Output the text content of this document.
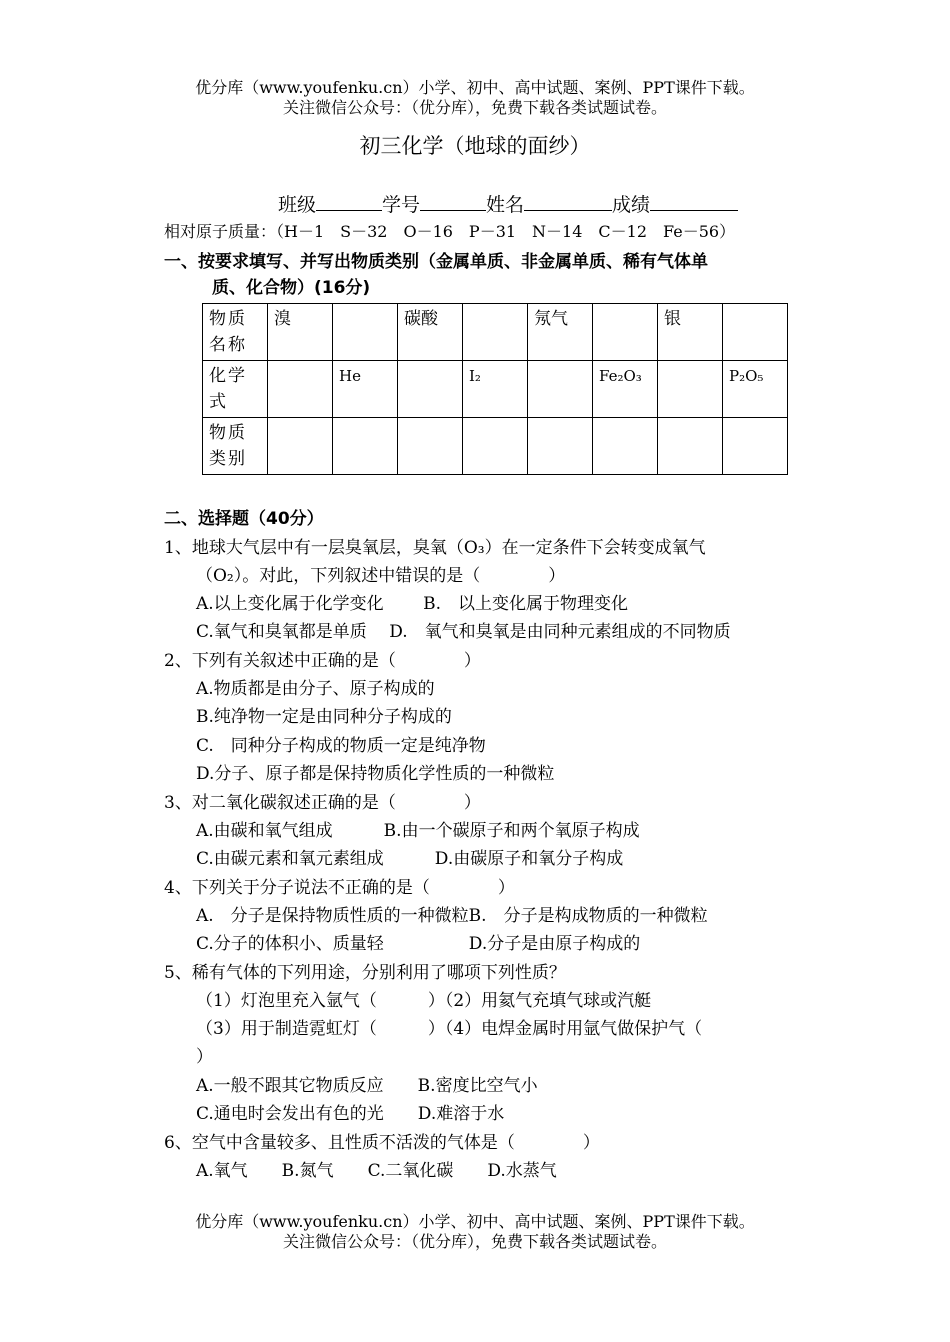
优分库（www.youfenku.cn）小学、初中、高中试题、案例、PPT课件下载。
关注微信公众号：（优分库），免费下载各类试题试卷。
初三化学（地球的面纱）
班级	学号	姓名	成绩
相对原子质量：（H－1　S－32　O－16　P－31　N－14　C－12　Fe－56）
一、按要求填写、并写出物质类别（金属单质、非金属单质、稀有气体单
质、化合物）(16分)
物质名称	溴		碳酸		氖气		银	
化学式		He		I₂		Fe₂O₃		P₂O₅
物质类别								
二、选择题（40分）
1、地球大气层中有一层臭氧层，臭氧（O₃）在一定条件下会转变成氧气
（O₂）。对此，下列叙述中错误的是（　　　　）
A.以上变化属于化学变化　　 B.　以上变化属于物理变化
C.氧气和臭氧都是单质　 D.　氧气和臭氧是由同种元素组成的不同物质
2、下列有关叙述中正确的是（　　　　）
A.物质都是由分子、原子构成的
B.纯净物一定是由同种分子构成的
C.　同种分子构成的物质一定是纯净物
D.分子、原子都是保持物质化学性质的一种微粒
3、对二氧化碳叙述正确的是（　　　　）
A.由碳和氧气组成　　　B.由一个碳原子和两个氧原子构成
C.由碳元素和氧元素组成　　　D.由碳原子和氧分子构成
4、下列关于分子说法不正确的是（　　　　）
A.　分子是保持物质性质的一种微粒B.　分子是构成物质的一种微粒
C.分子的体积小、质量轻　　　　　D.分子是由原子构成的
5、稀有气体的下列用途，分别利用了哪项下列性质？
（1）灯泡里充入氩气（　　　）（2）用氦气充填气球或汽艇
（3）用于制造霓虹灯（　　　）（4）电焊金属时用氩气做保护气（
）
A.一般不跟其它物质反应　　B.密度比空气小
C.通电时会发出有色的光　　D.难溶于水
6、空气中含量较多、且性质不活泼的气体是（　　　　）
A.氧气　　B.氮气　　C.二氧化碳　　D.水蒸气
优分库（www.youfenku.cn）小学、初中、高中试题、案例、PPT课件下载。
关注微信公众号：（优分库），免费下载各类试题试卷。
